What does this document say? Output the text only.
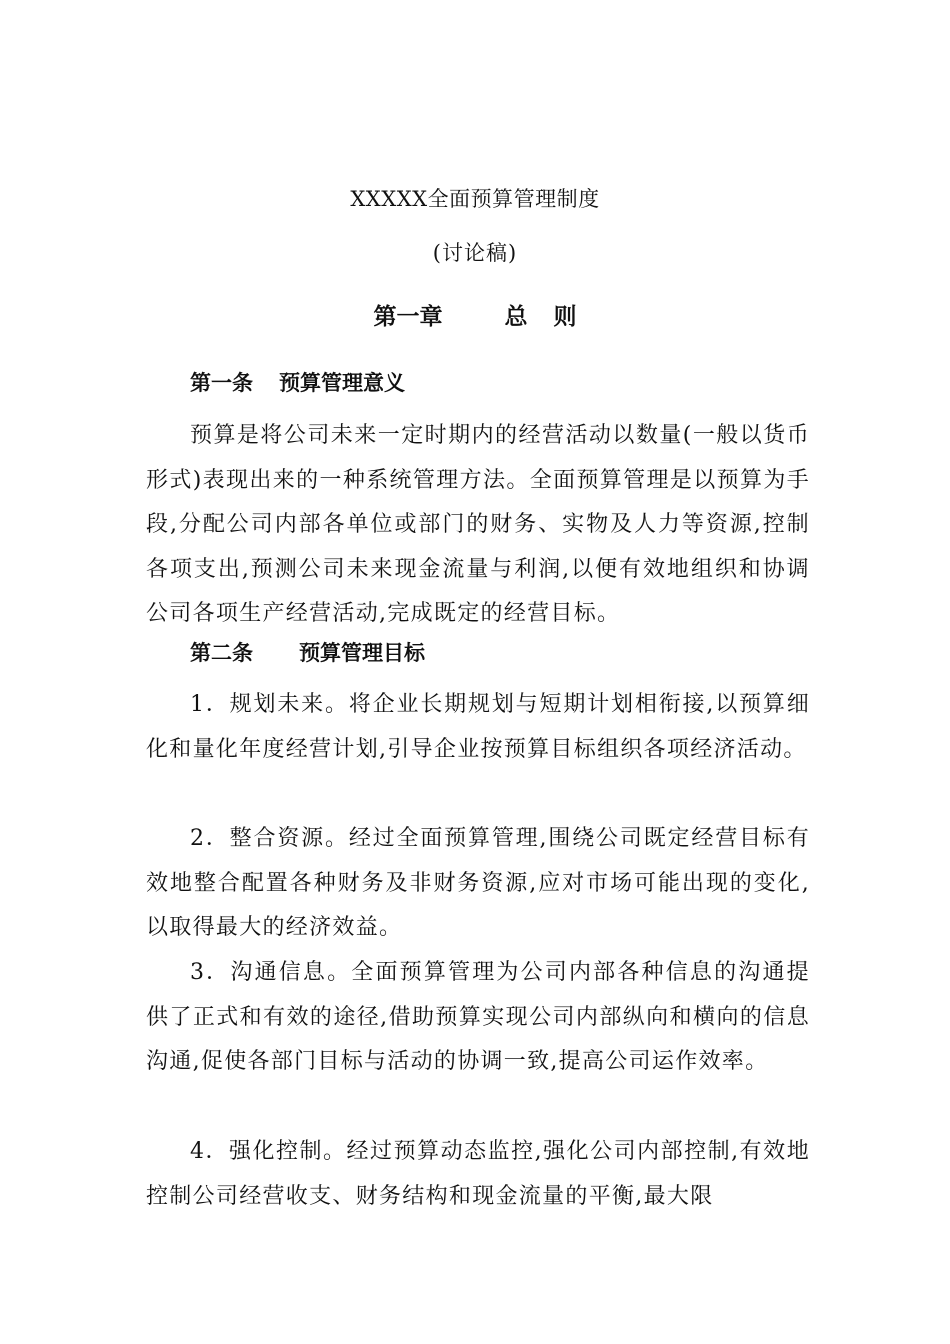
XXXXX全面预算管理制度
(讨论稿)
第一章	总 则
第一条 预算管理意义

预算是将公司未来一定时期内的经营活动以数量(一般以货币形式)表现出来的一种系统管理方法。全面预算管理是以预算为手段,分配公司内部各单位或部门的财务、实物及人力等资源,控制各项支出,预测公司未来现金流量与利润,以便有效地组织和协调公司各项生产经营活动,完成既定的经营目标。

第二条 预算管理目标

1．规划未来。将企业长期规划与短期计划相衔接,以预算细化和量化年度经营计划,引导企业按预算目标组织各项经济活动。

2．整合资源。经过全面预算管理,围绕公司既定经营目标有效地整合配置各种财务及非财务资源,应对市场可能出现的变化,以取得最大的经济效益。

3．沟通信息。全面预算管理为公司内部各种信息的沟通提供了正式和有效的途径,借助预算实现公司内部纵向和横向的信息沟通,促使各部门目标与活动的协调一致,提高公司运作效率。

4．强化控制。经过预算动态监控,强化公司内部控制,有效地控制公司经营收支、财务结构和现金流量的平衡,最大限
